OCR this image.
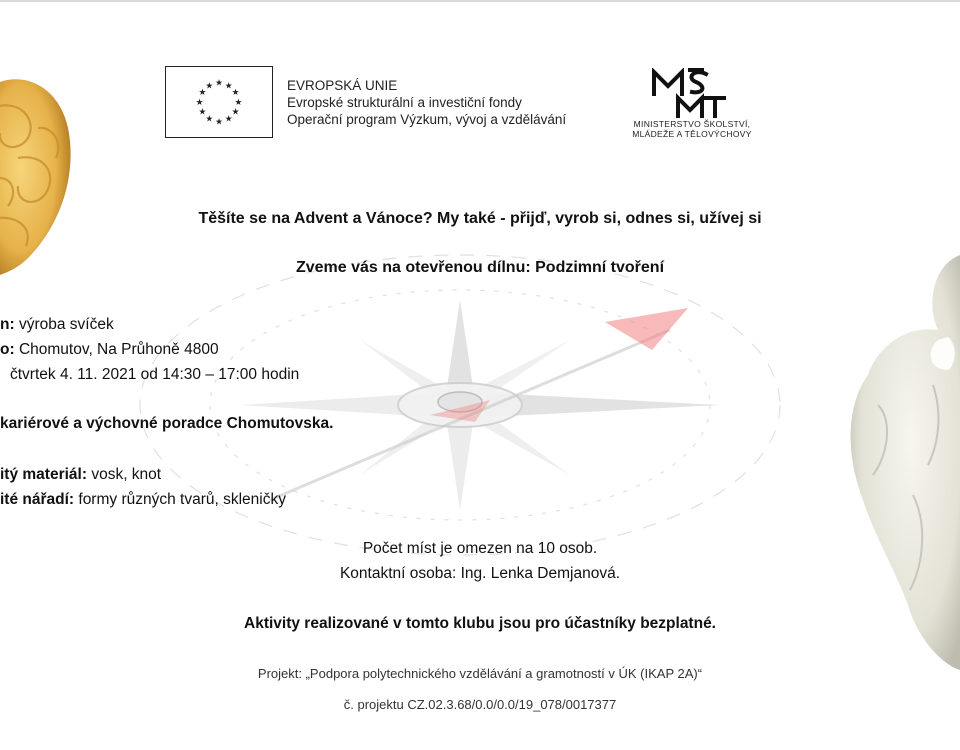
★ ★
★
★
★
★
★
★
★
★
★
★	EVROPSKÁ UNIE
Evropské strukturální a investiční fondy
Operační program Výzkum, vývoj a vzdělávání	MINISTERSTVO ŠKOLSTVÍ,
MLÁDEŽE A TĚLOVÝCHOVY
Těšíte se na Advent a Vánoce? My také - přijď, vyrob si, odnes si, užívej si
Zveme vás na otevřenou dílnu: Podzimní tvoření
n: výroba svíček
o: Chomutov, Na Průhoně 4800
čtvrtek 4. 11. 2021 od 14:30 – 17:00 hodin
kariérové a výchovné poradce Chomutovska.
itý materiál: vosk, knot
ité nářadí: formy různých tvarů, skleničky
Počet míst je omezen na 10 osob.
Kontaktní osoba: Ing. Lenka Demjanová.
Aktivity realizované v tomto klubu jsou pro účastníky bezplatné.
Projekt: „Podpora polytechnického vzdělávání a gramotností v ÚK (IKAP 2A)“
č. projektu CZ.02.3.68/0.0/0.0/19_078/0017377
